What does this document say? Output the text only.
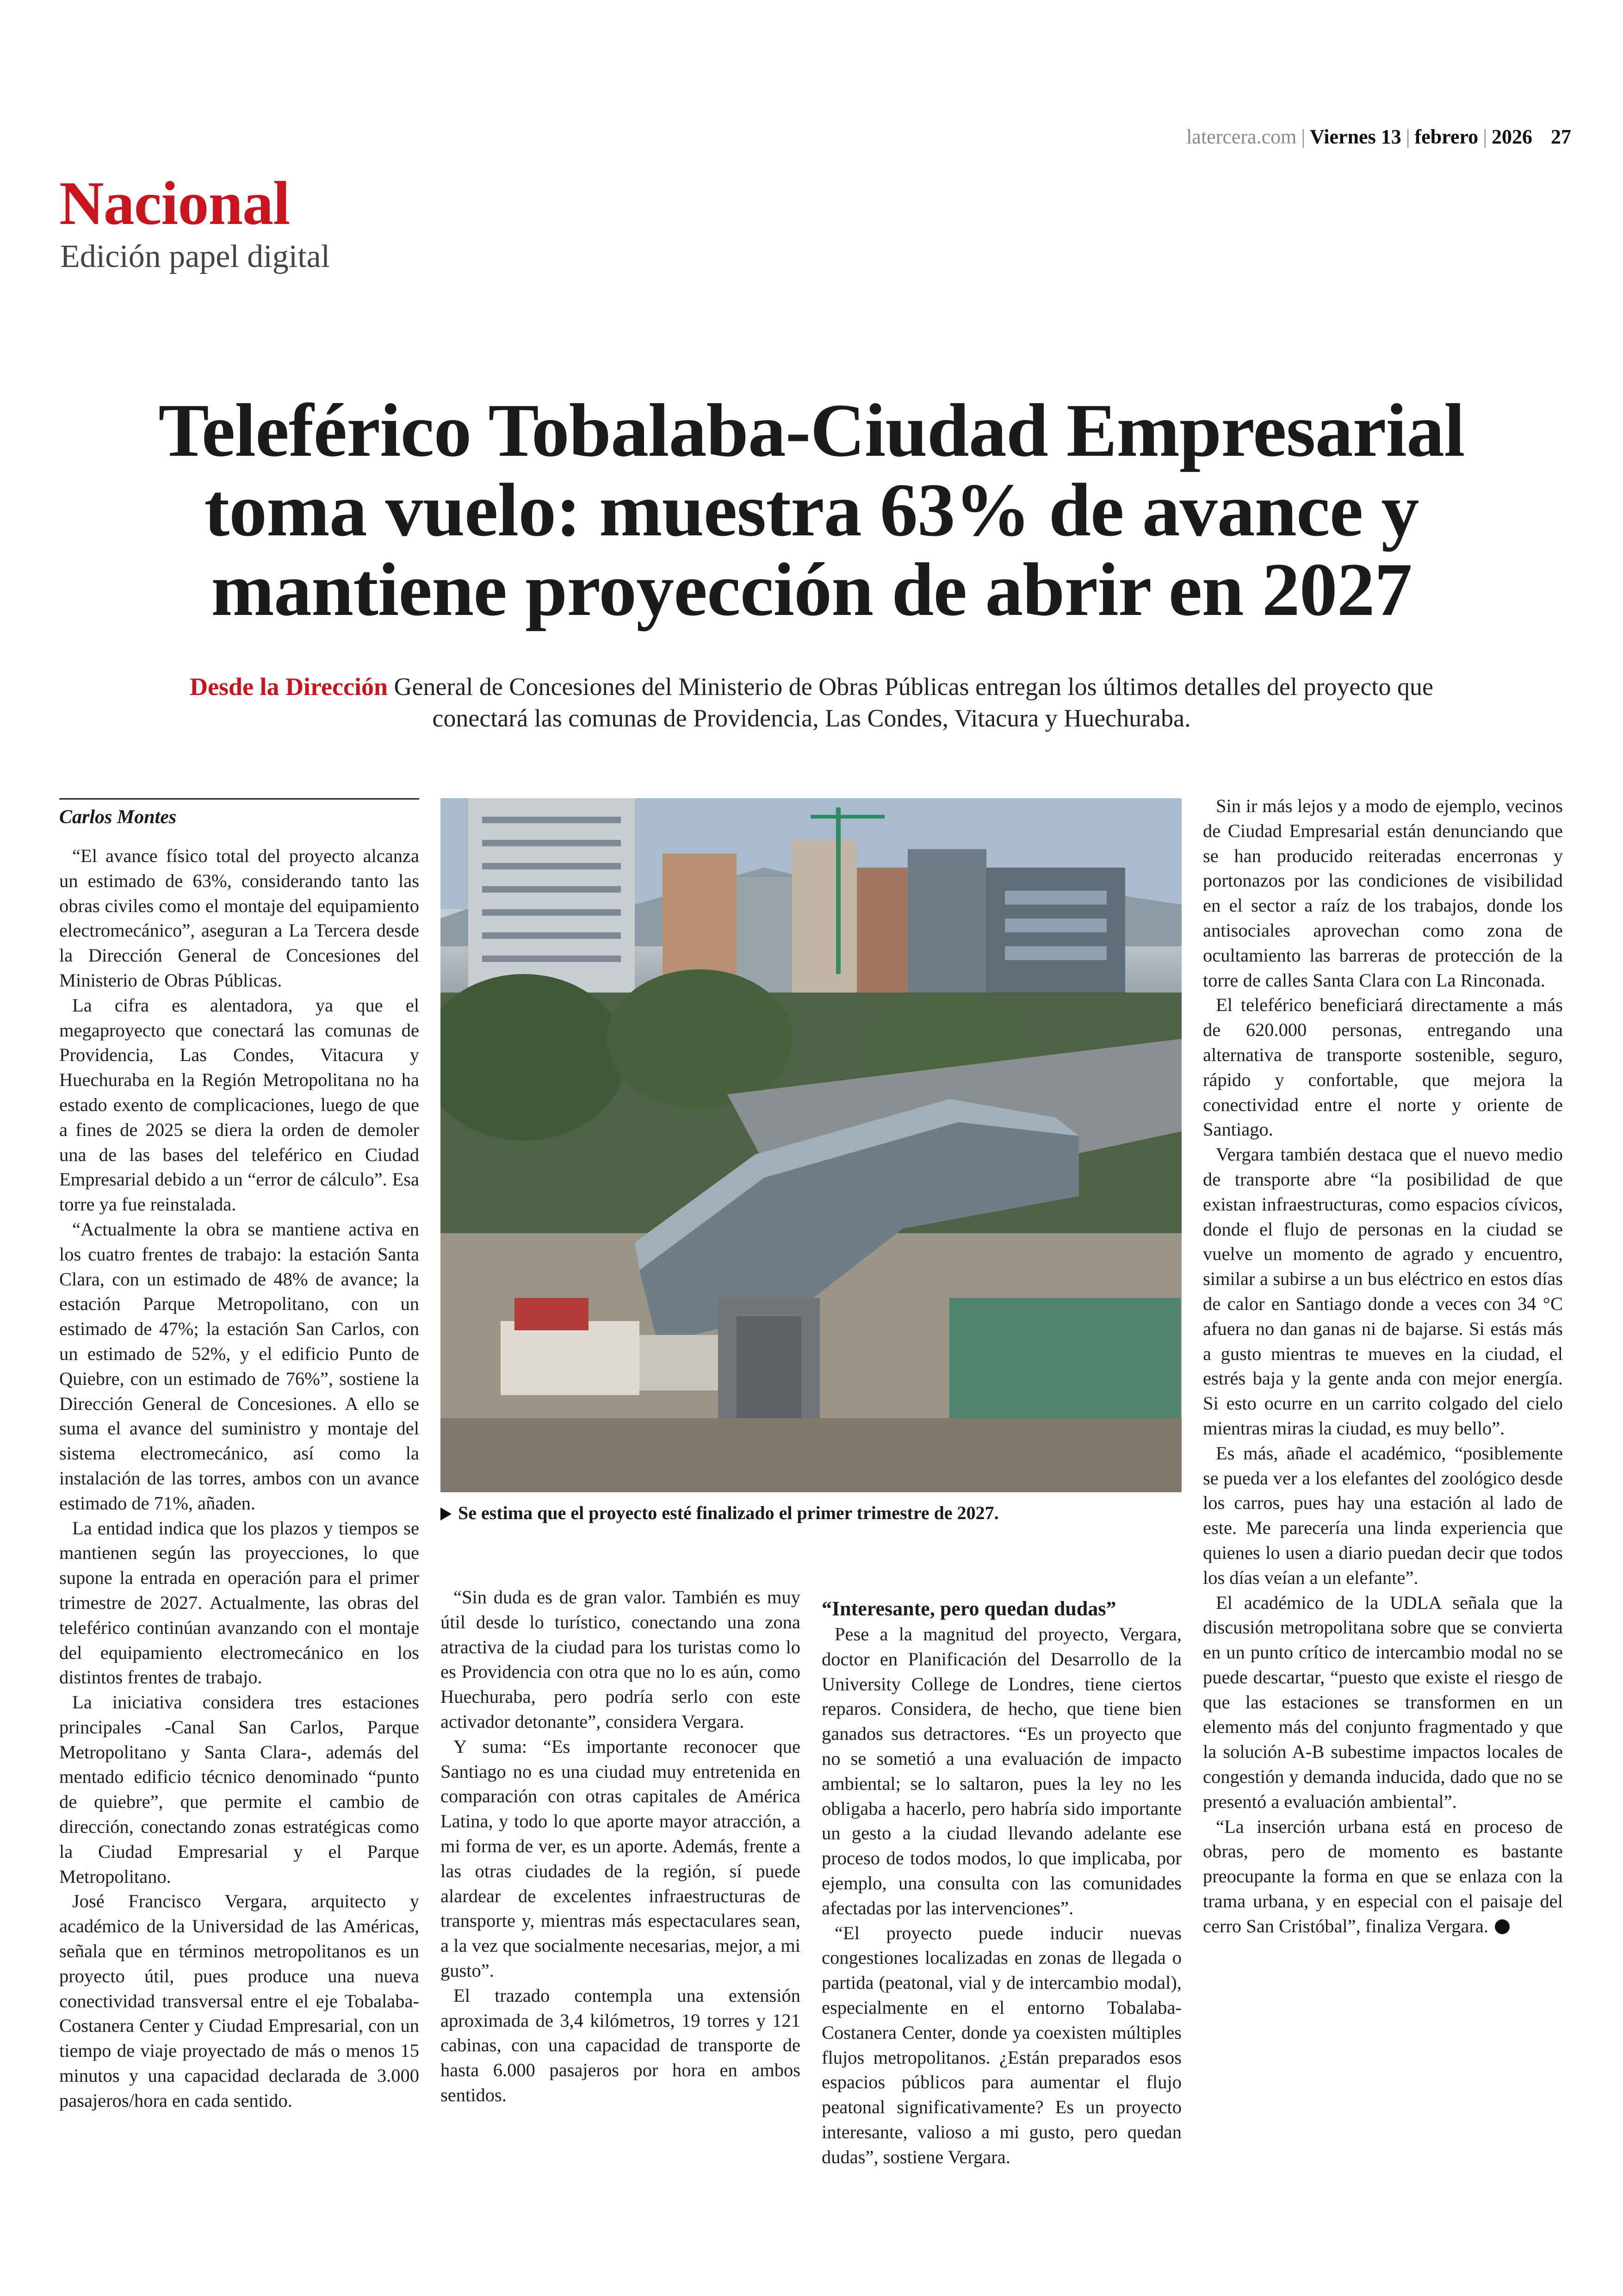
latercera.com | Viernes 13 | febrero | 2026 27
Nacional
Edición papel digital
Teleférico Tobalaba-Ciudad Empresarial
toma vuelo: muestra 63% de avance y
mantiene proyección de abrir en 2027
Desde la Dirección General de Concesiones del Ministerio de Obras Públicas entregan los últimos detalles del proyecto que conectará las comunas de Providencia, Las Condes, Vitacura y Huechuraba.
Carlos Montes

“El avance físico total del proyecto alcanza un estimado de 63%, considerando tanto las obras civiles como el montaje del equipamiento electromecánico”, aseguran a La Tercera desde la Dirección General de Concesiones del Ministerio de Obras Públicas.

La cifra es alentadora, ya que el megaproyecto que conectará las comunas de Providencia, Las Condes, Vitacura y Huechuraba en la Región Metropolitana no ha estado exento de complicaciones, luego de que a fines de 2025 se diera la orden de demoler una de las bases del teleférico en Ciudad Empresarial debido a un “error de cálculo”. Esa torre ya fue reinstalada.

“Actualmente la obra se mantiene activa en los cuatro frentes de trabajo: la estación Santa Clara, con un estimado de 48% de avance; la estación Parque Metropolitano, con un estimado de 47%; la estación San Carlos, con un estimado de 52%, y el edificio Punto de Quiebre, con un estimado de 76%”, sostiene la Dirección General de Concesiones. A ello se suma el avance del suministro y montaje del sistema electromecánico, así como la instalación de las torres, ambos con un avance estimado de 71%, añaden.

La entidad indica que los plazos y tiempos se mantienen según las proyecciones, lo que supone la entrada en operación para el primer trimestre de 2027. Actualmente, las obras del teleférico continúan avanzando con el montaje del equipamiento electromecánico en los distintos frentes de trabajo.

La iniciativa considera tres estaciones principales -Canal San Carlos, Parque Metropolitano y Santa Clara-, además del mentado edificio técnico denominado “punto de quiebre”, que permite el cambio de dirección, conectando zonas estratégicas como la Ciudad Empresarial y el Parque Metropolitano.

José Francisco Vergara, arquitecto y académico de la Universidad de las Américas, señala que en términos metropolitanos es un proyecto útil, pues produce una nueva conectividad transversal entre el eje Tobalaba-Costanera Center y Ciudad Empresarial, con un tiempo de viaje proyectado de más o menos 15 minutos y una capacidad declarada de 3.000 pasajeros/hora en cada sentido.

Se estima que el proyecto esté finalizado el primer trimestre de 2027.

“Sin duda es de gran valor. También es muy útil desde lo turístico, conectando una zona atractiva de la ciudad para los turistas como lo es Providencia con otra que no lo es aún, como Huechuraba, pero podría serlo con este activador detonante”, considera Vergara.

Y suma: “Es importante reconocer que Santiago no es una ciudad muy entretenida en comparación con otras capitales de América Latina, y todo lo que aporte mayor atracción, a mi forma de ver, es un aporte. Además, frente a las otras ciudades de la región, sí puede alardear de excelentes infraestructuras de transporte y, mientras más espectaculares sean, a la vez que socialmente necesarias, mejor, a mi gusto”.

El trazado contempla una extensión aproximada de 3,4 kilómetros, 19 torres y 121 cabinas, con una capacidad de transporte de hasta 6.000 pasajeros por hora en ambos sentidos.

“Interesante, pero quedan dudas”

Pese a la magnitud del proyecto, Vergara, doctor en Planificación del Desarrollo de la University College de Londres, tiene ciertos reparos. Considera, de hecho, que tiene bien ganados sus detractores. “Es un proyecto que no se sometió a una evaluación de impacto ambiental; se lo saltaron, pues la ley no les obligaba a hacerlo, pero habría sido importante un gesto a la ciudad llevando adelante ese proceso de todos modos, lo que implicaba, por ejemplo, una consulta con las comunidades afectadas por las intervenciones”.

“El proyecto puede inducir nuevas congestiones localizadas en zonas de llegada o partida (peatonal, vial y de intercambio modal), especialmente en el entorno Tobalaba-Costanera Center, donde ya coexisten múltiples flujos metropolitanos. ¿Están preparados esos espacios públicos para aumentar el flujo peatonal significativamente? Es un proyecto interesante, valioso a mi gusto, pero quedan dudas”, sostiene Vergara.

Sin ir más lejos y a modo de ejemplo, vecinos de Ciudad Empresarial están denunciando que se han producido reiteradas encerronas y portonazos por las condiciones de visibilidad en el sector a raíz de los trabajos, donde los antisociales aprovechan como zona de ocultamiento las barreras de protección de la torre de calles Santa Clara con La Rinconada.

El teleférico beneficiará directamente a más de 620.000 personas, entregando una alternativa de transporte sostenible, seguro, rápido y confortable, que mejora la conectividad entre el norte y oriente de Santiago.

Vergara también destaca que el nuevo medio de transporte abre “la posibilidad de que existan infraestructuras, como espacios cívicos, donde el flujo de personas en la ciudad se vuelve un momento de agrado y encuentro, similar a subirse a un bus eléctrico en estos días de calor en Santiago donde a veces con 34 °C afuera no dan ganas ni de bajarse. Si estás más a gusto mientras te mueves en la ciudad, el estrés baja y la gente anda con mejor energía. Si esto ocurre en un carrito colgado del cielo mientras miras la ciudad, es muy bello”.

Es más, añade el académico, “posiblemente se pueda ver a los elefantes del zoológico desde los carros, pues hay una estación al lado de este. Me parecería una linda experiencia que quienes lo usen a diario puedan decir que todos los días veían a un elefante”.

El académico de la UDLA señala que la discusión metropolitana sobre que se convierta en un punto crítico de intercambio modal no se puede descartar, “puesto que existe el riesgo de que las estaciones se transformen en un elemento más del conjunto fragmentado y que la solución A-B subestime impactos locales de congestión y demanda inducida, dado que no se presentó a evaluación ambiental”.

“La inserción urbana está en proceso de obras, pero de momento es bastante preocupante la forma en que se enlaza con la trama urbana, y en especial con el paisaje del cerro San Cristóbal”, finaliza Vergara.
